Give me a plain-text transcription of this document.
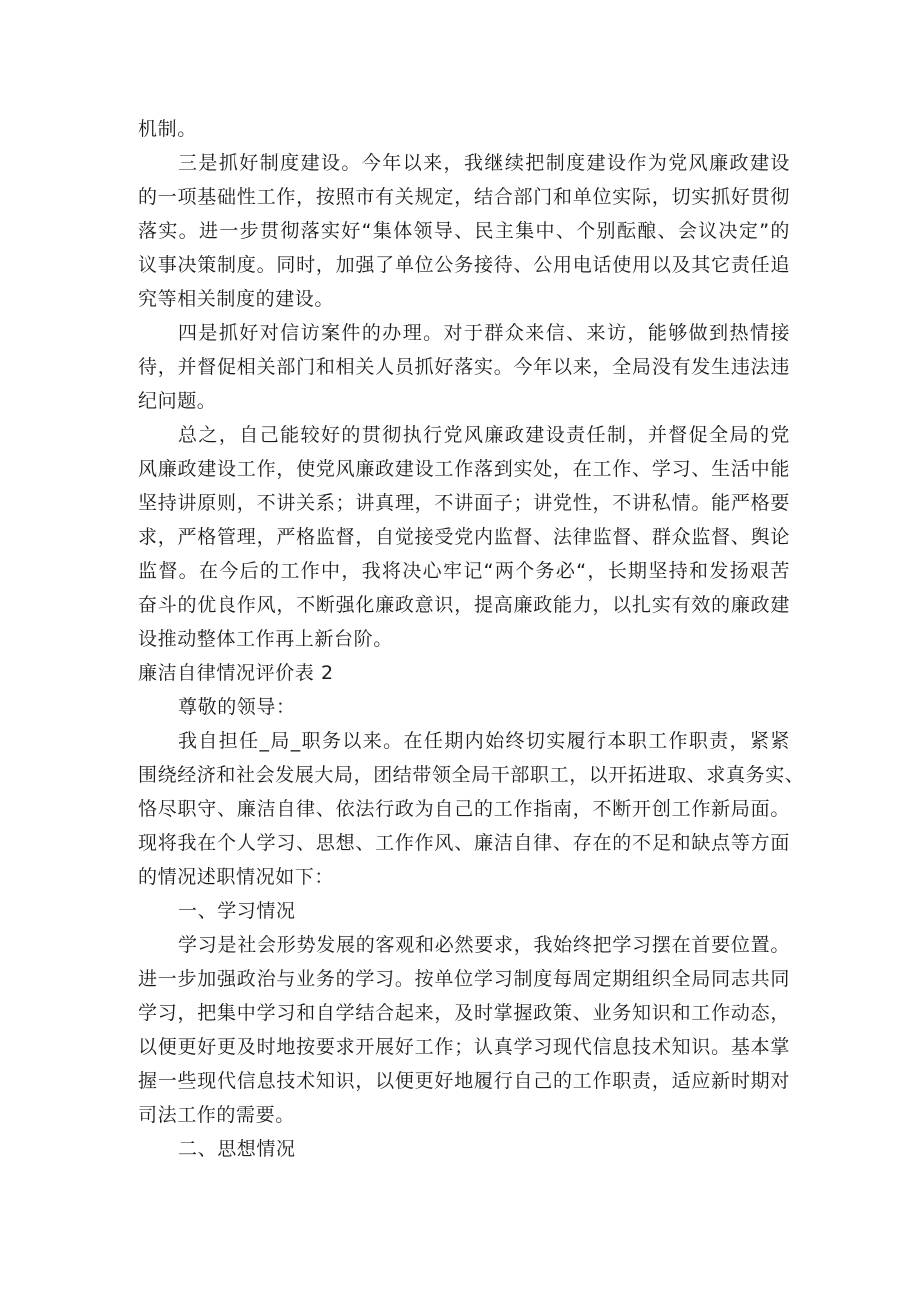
机制。
三是抓好制度建设。今年以来，我继续把制度建设作为党风廉政建设
的一项基础性工作，按照市有关规定，结合部门和单位实际，切实抓好贯彻
落实。进一步贯彻落实好“集体领导、民主集中、个别酝酿、会议决定”的
议事决策制度。同时，加强了单位公务接待、公用电话使用以及其它责任追
究等相关制度的建设。
四是抓好对信访案件的办理。对于群众来信、来访，能够做到热情接
待，并督促相关部门和相关人员抓好落实。今年以来，全局没有发生违法违
纪问题。
总之，自己能较好的贯彻执行党风廉政建设责任制，并督促全局的党
风廉政建设工作，使党风廉政建设工作落到实处，在工作、学习、生活中能
坚持讲原则，不讲关系；讲真理，不讲面子；讲党性，不讲私情。能严格要
求，严格管理，严格监督，自觉接受党内监督、法律监督、群众监督、舆论
监督。在今后的工作中，我将决心牢记“两个务必“，长期坚持和发扬艰苦
奋斗的优良作风，不断强化廉政意识，提高廉政能力，以扎实有效的廉政建
设推动整体工作再上新台阶。
廉洁自律情况评价表 2
尊敬的领导：
我自担任_局_职务以来。在任期内始终切实履行本职工作职责，紧紧
围绕经济和社会发展大局，团结带领全局干部职工，以开拓进取、求真务实、
恪尽职守、廉洁自律、依法行政为自己的工作指南，不断开创工作新局面。
现将我在个人学习、思想、工作作风、廉洁自律、存在的不足和缺点等方面
的情况述职情况如下：
一、学习情况
学习是社会形势发展的客观和必然要求，我始终把学习摆在首要位置。
进一步加强政治与业务的学习。按单位学习制度每周定期组织全局同志共同
学习，把集中学习和自学结合起来，及时掌握政策、业务知识和工作动态，
以便更好更及时地按要求开展好工作；认真学习现代信息技术知识。基本掌
握一些现代信息技术知识，以便更好地履行自己的工作职责，适应新时期对
司法工作的需要。
二、思想情况
